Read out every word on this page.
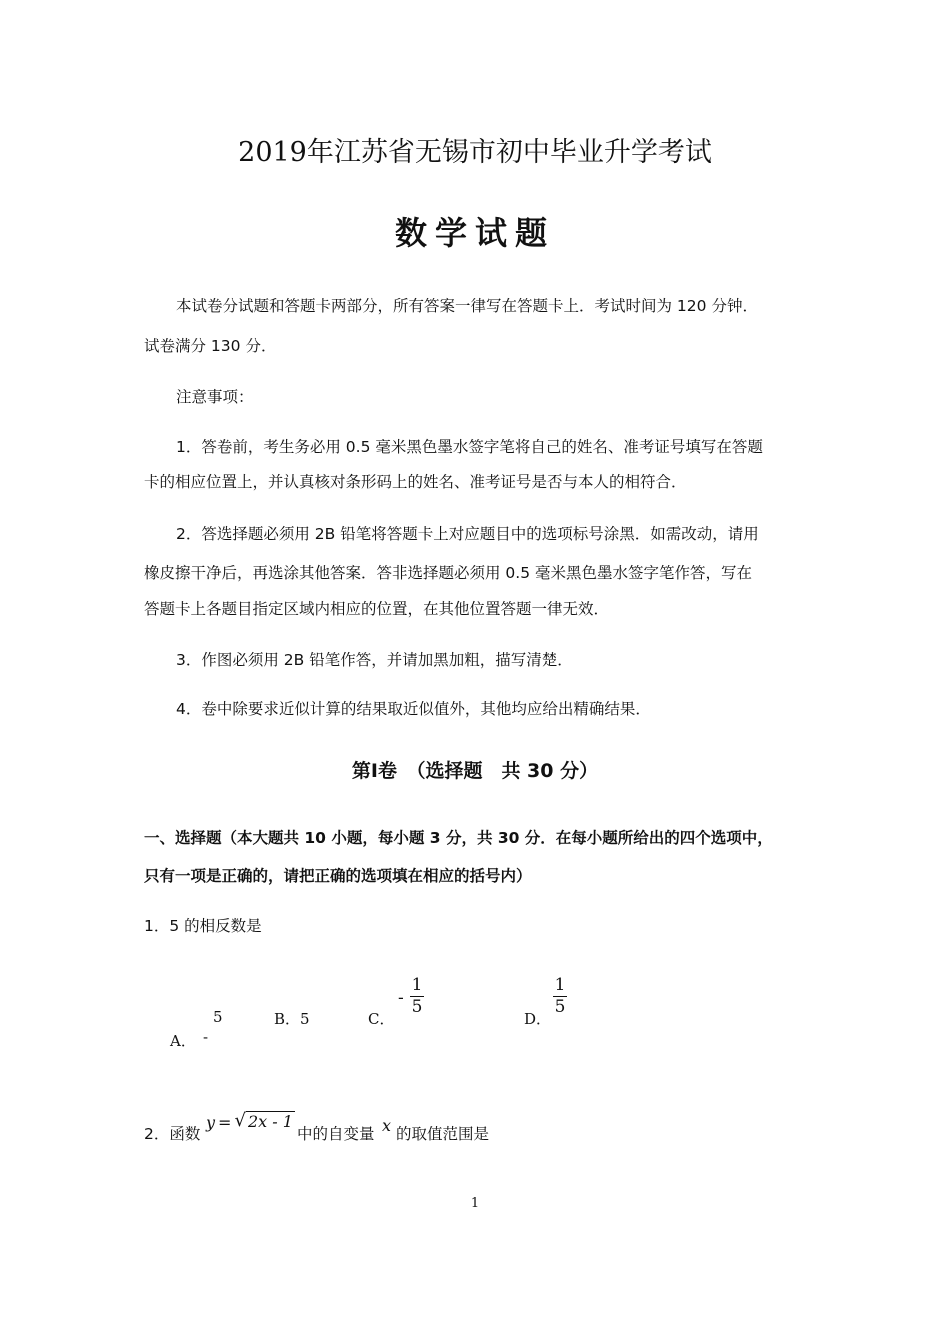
2019年江苏省无锡市初中毕业升学考试
数学试题
本试卷分试题和答题卡两部分，所有答案一律写在答题卡上．考试时间为 120 分钟．
试卷满分 130 分．
注意事项：
1．答卷前，考生务必用 0.5 毫米黑色墨水签字笔将自己的姓名、准考证号填写在答题
卡的相应位置上，并认真核对条形码上的姓名、准考证号是否与本人的相符合．
2．答选择题必须用 2B 铅笔将答题卡上对应题目中的选项标号涂黑．如需改动，请用
橡皮擦干净后，再选涂其他答案．答非选择题必须用 0.5 毫米黑色墨水签字笔作答，写在
答题卡上各题目指定区域内相应的位置，在其他位置答题一律无效．
3．作图必须用 2B 铅笔作答，并请加黑加粗，描写清楚．
4．卷中除要求近似计算的结果取近似值外，其他均应给出精确结果．
第Ⅰ卷　（选择题　共 30 分）
一、选择题（本大题共 10 小题，每小题 3 分，共 30 分．在每小题所给出的四个选项中，
只有一项是正确的，请把正确的选项填在相应的括号内）
1．5 的相反数是
A． -
5	B．5	C．
-
1
5
D．
1
5
2．函数
y = √ 2x - 1
中的自变量 x 的取值范围是
1
